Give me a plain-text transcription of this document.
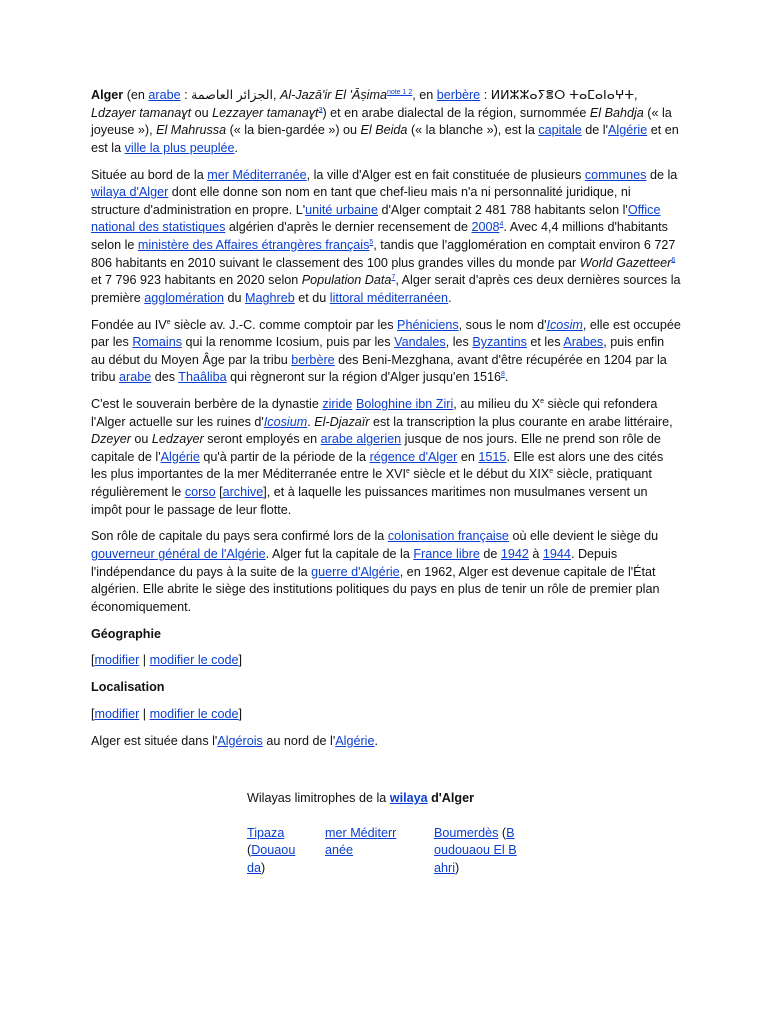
Alger (en arabe : الجزائر العاصمة, Al-Jazā'ir El 'Āṣima$^{note 1 2}$, en berbère : ⵍⵍⵣⵣⴰⵢⴻⵔ ⵜⴰⵎⴰⵏⴰⵖⵜ, Ldzayer tamanaɣt ou Lezzayer tamanaɣt$^3$) et en arabe dialectal de la région, surnommée El Bahdja (« la joyeuse »), El Mahrussa (« la bien-gardée ») ou El Beida (« la blanche »), est la capitale de l'Algérie et en est la ville la plus peuplée.

Située au bord de la mer Méditerranée, la ville d'Alger est en fait constituée de plusieurs communes de la wilaya d'Alger dont elle donne son nom en tant que chef-lieu mais n'a ni personnalité juridique, ni structure d'administration en propre. L'unité urbaine d'Alger comptait 2 481 788 habitants selon l'Office national des statistiques algérien d'après le dernier recensement de 2008$^4$. Avec 4,4 millions d'habitants selon le ministère des Affaires étrangères français$^5$, tandis que l'agglomération en comptait environ 6 727 806 habitants en 2010 suivant le classement des 100 plus grandes villes du monde par World Gazetteer$^6$ et 7 796 923 habitants en 2020 selon Population Data$^7$, Alger serait d'après ces deux dernières sources la première agglomération du Maghreb et du littoral méditerranéen.

Fondée au IVe siècle av. J.-C. comme comptoir par les Phéniciens, sous le nom d'Icosim, elle est occupée par les Romains qui la renomme Icosium, puis par les Vandales, les Byzantins et les Arabes, puis enfin au début du Moyen Âge par la tribu berbère des Beni-Mezghana, avant d'être récupérée en 1204 par la tribu arabe des Thaâliba qui règneront sur la région d'Alger jusqu'en 1516$^8$.

C'est le souverain berbère de la dynastie ziride Bologhine ibn Ziri, au milieu du Xe siècle qui refondera l'Alger actuelle sur les ruines d'Icosium. El-Djazaïr est la transcription la plus courante en arabe littéraire, Dzeyer ou Ledzayer seront employés en arabe algerien jusque de nos jours. Elle ne prend son rôle de capitale de l'Algérie qu'à partir de la période de la régence d'Alger en 1515. Elle est alors une des cités les plus importantes de la mer Méditerranée entre le XVIe siècle et le début du XIXe siècle, pratiquant régulièrement le corso [archive], et à laquelle les puissances maritimes non musulmanes versent un impôt pour le passage de leur flotte.

Son rôle de capitale du pays sera confirmé lors de la colonisation française où elle devient le siège du gouverneur général de l'Algérie. Alger fut la capitale de la France libre de 1942 à 1944. Depuis l'indépendance du pays à la suite de la guerre d'Algérie, en 1962, Alger est devenue capitale de l'État algérien. Elle abrite le siège des institutions politiques du pays en plus de tenir un rôle de premier plan économiquement.

Géographie
[modifier | modifier le code]
Localisation
[modifier | modifier le code]

Alger est située dans l'Algérois au nord de l'Algérie.

Wilayas limitrophes de la wilaya d'Alger
Tipaza (Douaouda)
mer Méditerranée
Boumerdès (Boudouaou El Bahri)
